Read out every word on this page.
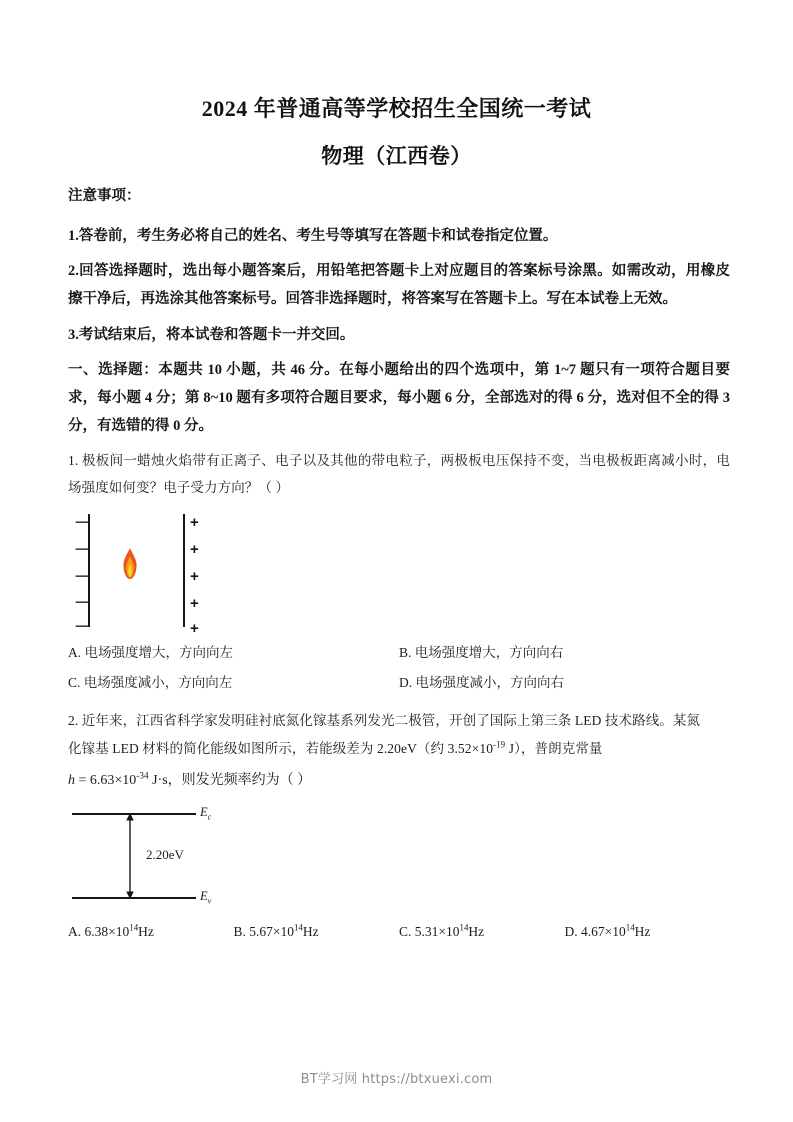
2024 年普通高等学校招生全国统一考试
物理（江西卷）
注意事项：
1.答卷前，考生务必将自己的姓名、考生号等填写在答题卡和试卷指定位置。
2.回答选择题时，选出每小题答案后，用铅笔把答题卡上对应题目的答案标号涂黑。如需改动，用橡皮擦干净后，再选涂其他答案标号。回答非选择题时，将答案写在答题卡上。写在本试卷上无效。
3.考试结束后，将本试卷和答题卡一并交回。
一、选择题：本题共 10 小题，共 46 分。在每小题给出的四个选项中，第 1~7 题只有一项符合题目要求，每小题 4 分；第 8~10 题有多项符合题目要求，每小题 6 分，全部选对的得 6 分，选对但不全的得 3 分，有选错的得 0 分。
1. 极板间一蜡烛火焰带有正离子、电子以及其他的带电粒子，两极板电压保持不变，当电极板距离减小时，电场强度如何变？电子受力方向？（ ）
－
－
－
－
－
+
+
+
+
+
A. 电场强度增大，方向向左	B. 电场强度增大，方向向右
C. 电场强度减小，方向向左	D. 电场强度减小，方向向右
2. 近年来，江西省科学家发明硅衬底氮化镓基系列发光二极管，开创了国际上第三条 LED 技术路线。某氮
化镓基 LED 材料的简化能级如图所示，若能级差为 2.20eV（约 $3.52\times 10^{-19}$ J），普朗克常量
$h = 6.63\times 10^{-34}$ J·s，则发光频率约为（ ）
$E_c$
$E_v$
2.20eV
A. $6.38\times 10^{14}Hz$	B. $5.67\times 10^{14}Hz$	C. $5.31\times 10^{14}Hz$	D. $4.67\times 10^{14}Hz$
BT学习网 https://btxuexi.com
